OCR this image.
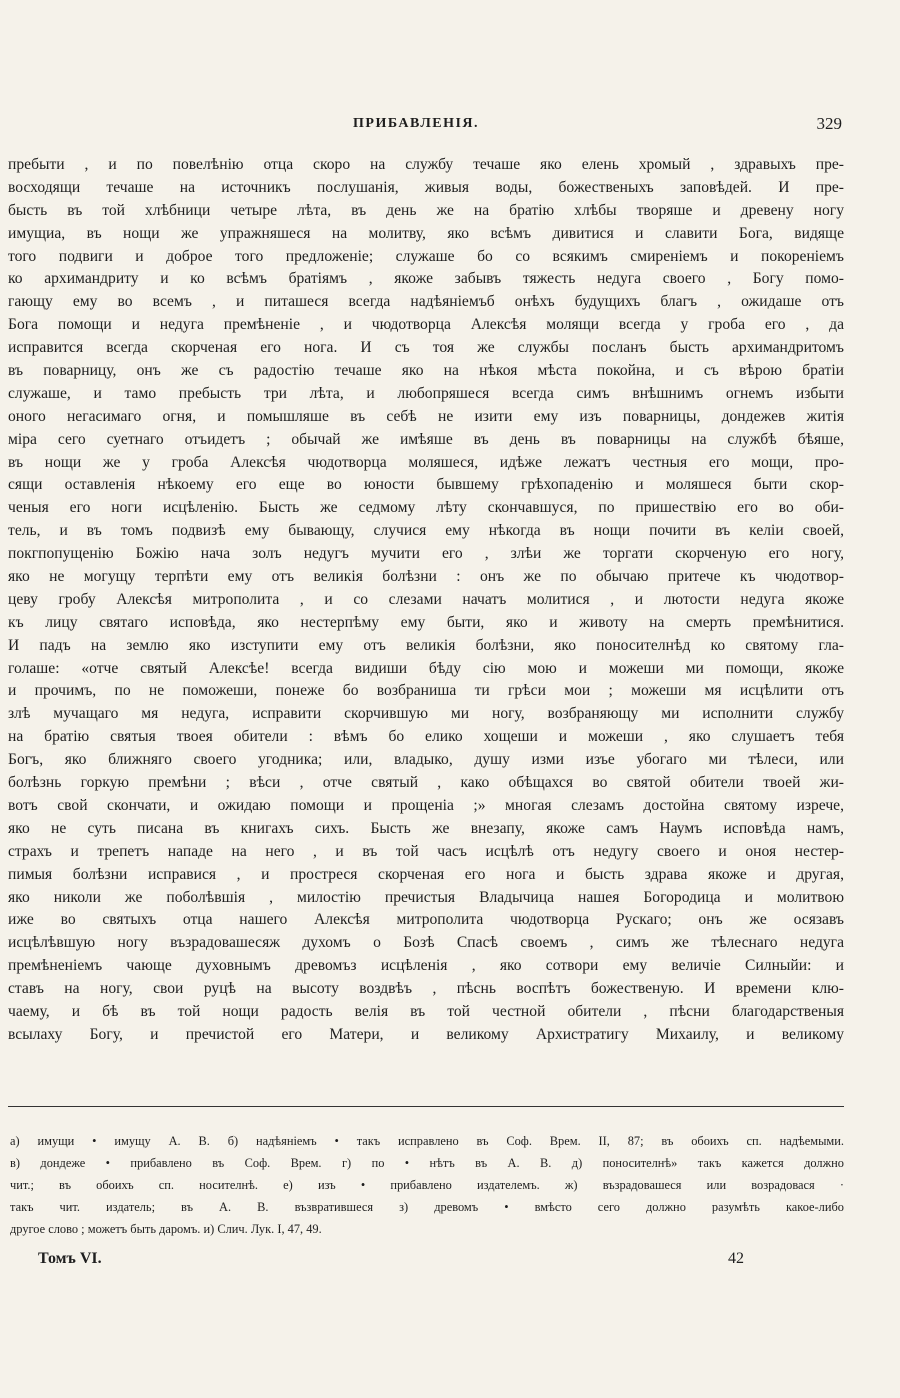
ПРИБАВЛЕНІЯ.	329
пребыти , и по повелѣнію отца скоро на службу течаше яко елень хромый , здравыхъ пре-
восходящи течаше на источникъ послушанія, живыя воды, божественыхъ заповѣдей. И пре-
бысть въ той хлѣбници четыре лѣта, въ день же на братію хлѣбы творяше и древену ногу
имущиа, въ нощи же упражняшеся на молитву, яко всѣмъ дивитися и славити Бога, видяще
того подвиги и доброе того предложеніе; служаше бо со всякимъ смиреніемъ и покореніемъ
ко архимандриту и ко всѣмъ братіямъ , якоже забывъ тяжесть недуга своего , Богу помо-
гающу ему во всемъ , и питашеся всегда надѣяніемъб онѣхъ будущихъ благъ , ожидаше отъ
Бога помощи и недуга премѣненіе , и чюдотворца Алексѣя молящи всегда у гроба его , да
исправится всегда скорченая его нога. И съ тоя же службы посланъ бысть архимандритомъ
въ поварницу, онъ же съ радостію течаше яко на нѣкоя мѣста покойна, и съ вѣрою братіи
служаше, и тамо пребысть три лѣта, и любопряшеся всегда симъ внѣшнимъ огнемъ избыти
оного негасимаго огня, и помышляше въ себѣ не изити ему изъ поварницы, дондежев житія
міра сего суетнаго отъидетъ ; обычай же имѣяше въ день въ поварницы на службѣ бѣяше,
въ нощи же у гроба Алексѣя чюдотворца моляшеся, идѣже лежатъ честныя его мощи, про-
сящи оставленія нѣкоему его еще во юности бывшему грѣхопаденію и моляшеся быти скор-
ченыя его ноги исцѣленію. Бысть же седмому лѣту скончавшуся, по пришествію его во оби-
тель, и въ томъ подвизѣ ему бывающу, случися ему нѣкогда въ нощи почити въ келіи своей,
покгпопущенію Божію нача золъ недугъ мучити его , злѣи же торгати скорченую его ногу,
яко не могущу терпѣти ему отъ великія болѣзни : онъ же по обычаю притече къ чюдотвор-
цеву гробу Алексѣя митрополита , и со слезами начатъ молитися , и лютости недуга якоже
къ лицу святаго исповѣда, яко нестерпѣму ему быти, яко и животу на смерть премѣнитися.
И падъ на землю яко изступити ему отъ великія болѣзни, яко поносителнѣд ко святому гла-
голаше: «отче святый Алексѣе! всегда видиши бѣду сію мою и можеши ми помощи, якоже
и прочимъ, по не поможеши, понеже бо возбраниша ти грѣси мои ; можеши мя исцѣлити отъ
злѣ мучащаго мя недуга, исправити скорчившую ми ногу, возбраняющу ми исполнити службу
на братію святыя твоея обители : вѣмъ бо елико хощеши и можеши , яко слушаетъ тебя
Богъ, яко ближняго своего угодника; или, владыко, душу изми изъе убогаго ми тѣлеси, или
болѣзнь горкую премѣни ; вѣси , отче святый , како обѣщахся во святой обители твоей жи-
вотъ свой скончати, и ожидаю помощи и прощеніа ;» многая слезамъ достойна святому изрече,
яко не суть писана въ книгахъ сихъ. Бысть же внезапу, якоже самъ Наумъ исповѣда намъ,
страхъ и трепетъ нападе на него , и въ той часъ исцѣлѣ отъ недугу своего и оноя нестер-
пимыя болѣзни исправися , и простреся скорченая его нога и бысть здрава якоже и другая,
яко николи же поболѣвшія , милостію пречистыя Владычица нашея Богородица и молитвою
иже во святыхъ отца нашего Алексѣя митрополита чюдотворца Рускаго; онъ же осязавъ
исцѣлѣвшую ногу възрадовашесяж духомъ о Бозѣ Спасѣ своемъ , симъ же тѣлеснаго недуга
премѣненіемъ чающе духовнымъ древомъз исцѣленія , яко сотвори ему величіе Силныйи: и
ставъ на ногу, свои руцѣ на высоту воздвѣъ , пѣснь воспѣтъ божественую. И времени клю-
чаему, и бѣ въ той нощи радость велія въ той честной обители , пѣсни благодарственыя
всылаху Богу, и пречистой его Матери, и великому Архистратигу Михаилу, и великому
а) имущи • имущу А. В. б) надѣяніемъ • такъ исправлено въ Соф. Врем. II, 87; въ обоихъ сп. надѣемыми.
в) дондеже • прибавлено въ Соф. Врем. г) по • нѣтъ въ А. В. д) поносителнѣ» такъ кажется должно
чит.; въ обоихъ сп. носителнѣ. е) изъ • прибавлено издателемъ. ж) възрадовашеся или возрадовася ·
такъ чит. издатель; въ А. В. възвратившеся з) древомъ • вмѣсто сего должно разумѣть какое-либо
другое слово ; можетъ быть даромъ. и) Слич. Лук. I, 47, 49.
Томъ VI.	42
